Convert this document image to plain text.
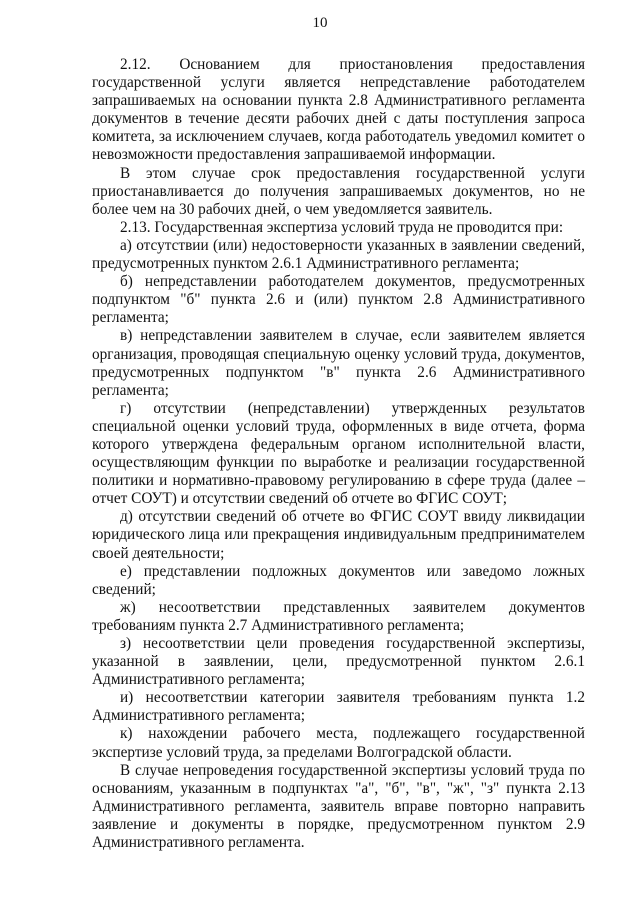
10

2.12. Основанием для приостановления предоставления государственной услуги является непредставление работодателем запрашиваемых на основании пункта 2.8 Административного регламента документов в течение десяти рабочих дней с даты поступления запроса комитета, за исключением случаев, когда работодатель уведомил комитет о невозможности предоставления запрашиваемой информации.

В этом случае срок предоставления государственной услуги приостанавливается до получения запрашиваемых документов, но не более чем на 30 рабочих дней, о чем уведомляется заявитель.

2.13. Государственная экспертиза условий труда не проводится при:

а) отсутствии (или) недостоверности указанных в заявлении сведений, предусмотренных пунктом 2.6.1 Административного регламента;

б) непредставлении работодателем документов, предусмотренных подпунктом "б" пункта 2.6 и (или) пунктом 2.8 Административного регламента;

в) непредставлении заявителем в случае, если заявителем является организация, проводящая специальную оценку условий труда, документов, предусмотренных подпунктом "в" пункта 2.6 Административного регламента;

г) отсутствии (непредставлении) утвержденных результатов специальной оценки условий труда, оформленных в виде отчета, форма которого утверждена федеральным органом исполнительной власти, осуществляющим функции по выработке и реализации государственной политики и нормативно-правовому регулированию в сфере труда (далее – отчет СОУТ) и отсутствии сведений об отчете во ФГИС СОУТ;

д) отсутствии сведений об отчете во ФГИС СОУТ ввиду ликвидации юридического лица или прекращения индивидуальным предпринимателем своей деятельности;

е) представлении подложных документов или заведомо ложных сведений;

ж) несоответствии представленных заявителем документов требованиям пункта 2.7 Административного регламента;

з) несоответствии цели проведения государственной экспертизы, указанной в заявлении, цели, предусмотренной пунктом 2.6.1 Административного регламента;

и) несоответствии категории заявителя требованиям пункта 1.2 Административного регламента;

к) нахождении рабочего места, подлежащего государственной экспертизе условий труда, за пределами Волгоградской области.

В случае непроведения государственной экспертизы условий труда по основаниям, указанным в подпунктах "а", "б", "в", "ж", "з" пункта 2.13 Административного регламента, заявитель вправе повторно направить заявление и документы в порядке, предусмотренном пунктом 2.9 Административного регламента.
